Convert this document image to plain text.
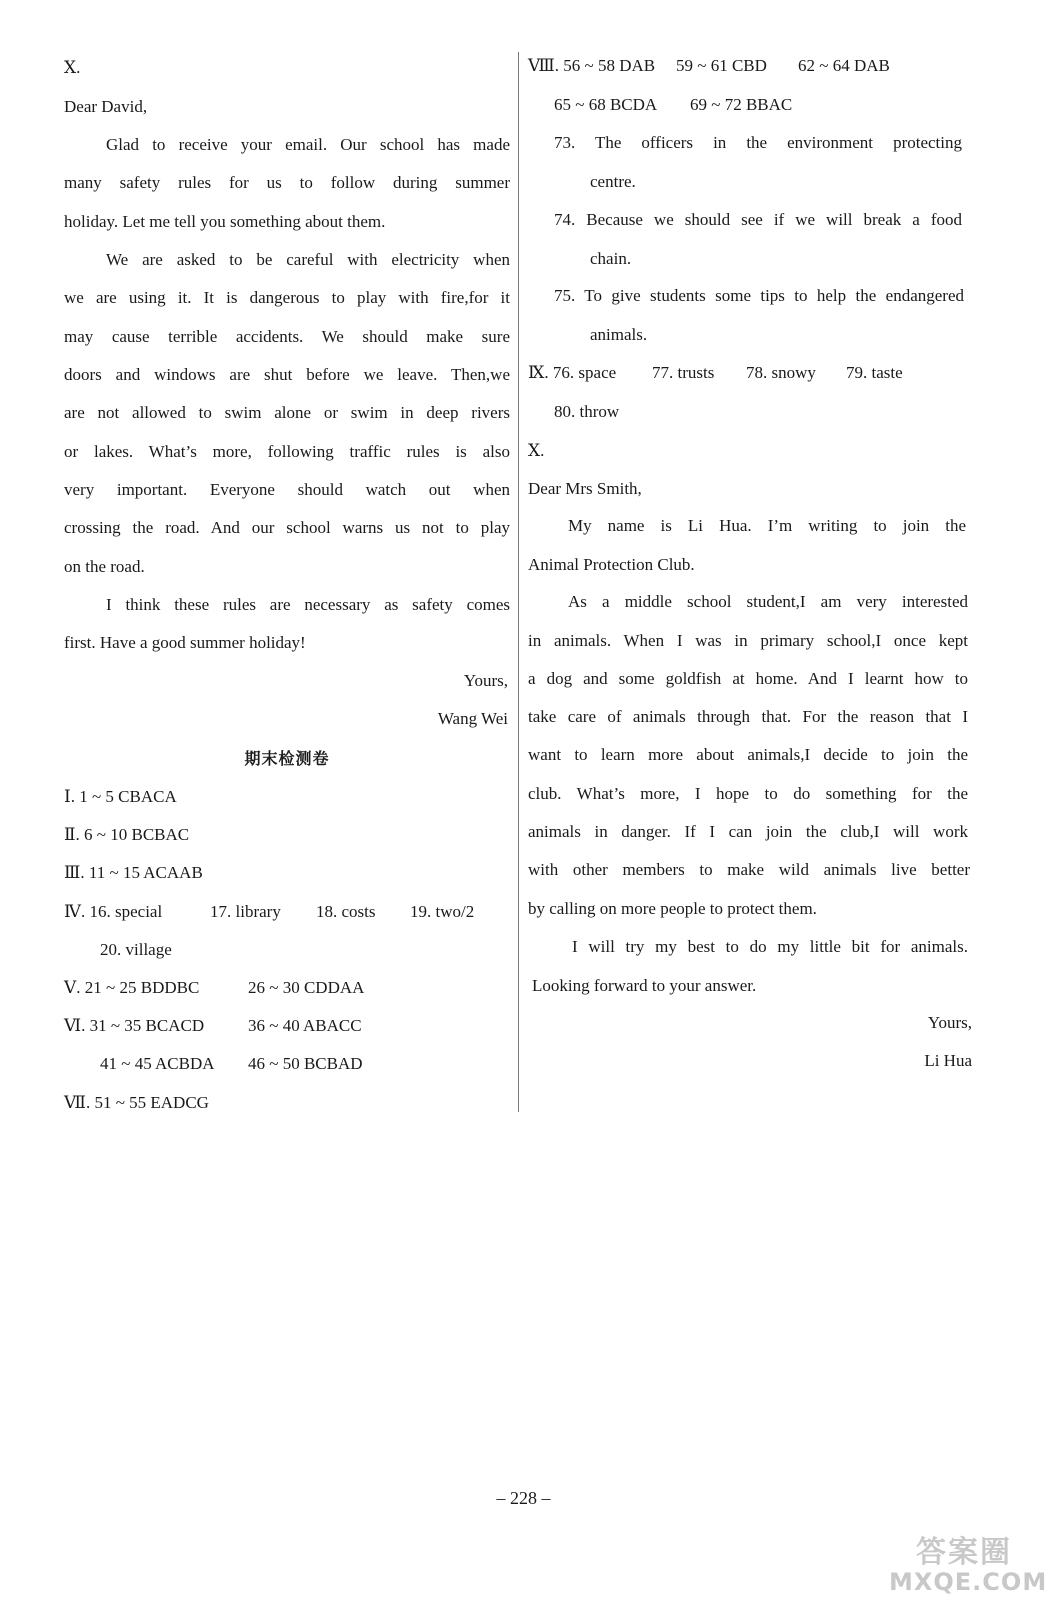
Ⅹ.
Dear David,
Glad to receive your email. Our school has made
many safety rules for us to follow during summer
holiday. Let me tell you something about them.
We are asked to be careful with electricity when
we are using it. It is dangerous to play with fire,for it
may cause terrible accidents. We should make sure
doors and windows are shut before we leave. Then,we
are not allowed to swim alone or swim in deep rivers
or lakes. What’s more, following traffic rules is also
very important. Everyone should watch out when
crossing the road. And our school warns us not to play
on the road.
I think these rules are necessary as safety comes
first. Have a good summer holiday!
Yours,
Wang Wei
期末检测卷
Ⅰ. 1 ~ 5 CBACA
Ⅱ. 6 ~ 10 BCBAC
Ⅲ. 11 ~ 15 ACAAB
Ⅳ. 16. special	17. library 18. costs 19. two/2
20. village
Ⅴ. 21 ~ 25 BDDBC	26 ~ 30 CDDAA
Ⅵ. 31 ~ 35 BCACD	36 ~ 40 ABACC
41 ~ 45 ACBDA 46 ~ 50 BCBAD
Ⅶ. 51 ~ 55 EADCG
Ⅷ. 56 ~ 58 DAB 59 ~ 61 CBD 62 ~ 64 DAB
65 ~ 68 BCDA 69 ~ 72 BBAC
73. The officers in the environment protecting
centre.
74. Because we should see if we will break a food
chain.
75. To give students some tips to help the endangered
animals.
Ⅸ. 76. space 77. trusts 78. snowy 79. taste
80. throw
Ⅹ.
Dear Mrs Smith,
My name is Li Hua. I’m writing to join the
Animal Protection Club.
As a middle school student,I am very interested
in animals. When I was in primary school,I once kept
a dog and some goldfish at home. And I learnt how to
take care of animals through that. For the reason that I
want to learn more about animals,I decide to join the
club. What’s more, I hope to do something for the
animals in danger. If I can join the club,I will work
with other members to make wild animals live better
by calling on more people to protect them.
I will try my best to do my little bit for animals.
Looking forward to your answer.
Yours,
Li Hua
– 228 –
答案圈
MXQE.COM
